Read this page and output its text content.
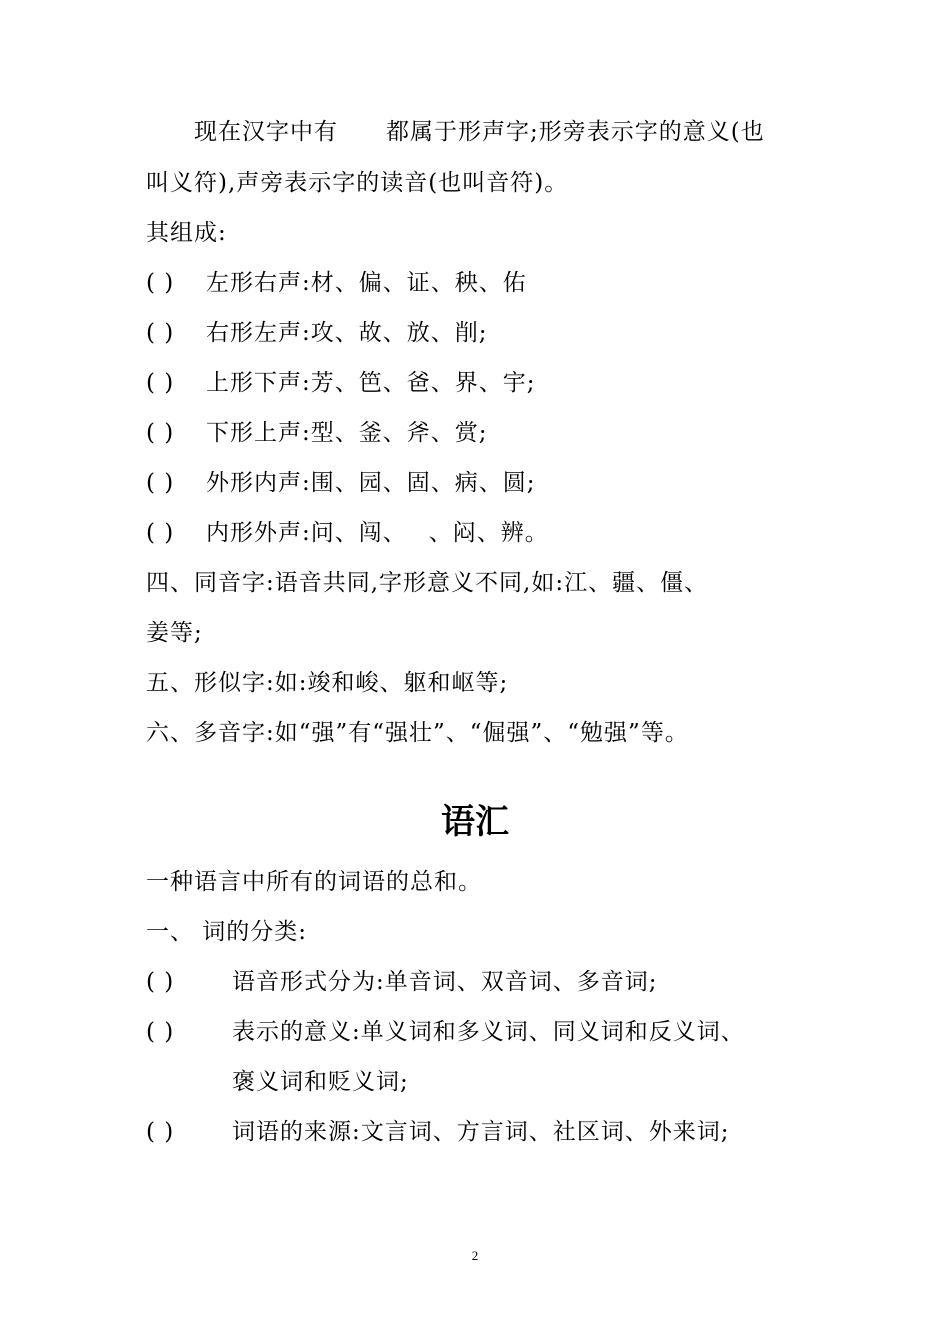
现在汉字中有 都属于形声字;形旁表示字的意义(也
叫义符),声旁表示字的读音(也叫音符)。
其组成:
( )	左形右声:材、偏、证、秧、佑
( )	右形左声:攻、故、放、削;
( )	上形下声:芳、笆、爸、界、宇;
( )	下形上声:型、釜、斧、赏;
( )	外形内声:围、园、固、病、圆;
( )	内形外声:问、闯、 、闷、辨。
四、同音字:语音共同,字形意义不同,如:江、疆、僵、
姜等;
五、形似字:如:竣和峻、躯和岖等;
六、多音字:如“强”有“强壮”、“倔强”、“勉强”等。
语汇
一种语言中所有的词语的总和。
一、 词的分类:
( )	语音形式分为:单音词、双音词、多音词;
( )	表示的意义:单义词和多义词、同义词和反义词、
褒义词和贬义词;
( )	词语的来源:文言词、方言词、社区词、外来词;
2
